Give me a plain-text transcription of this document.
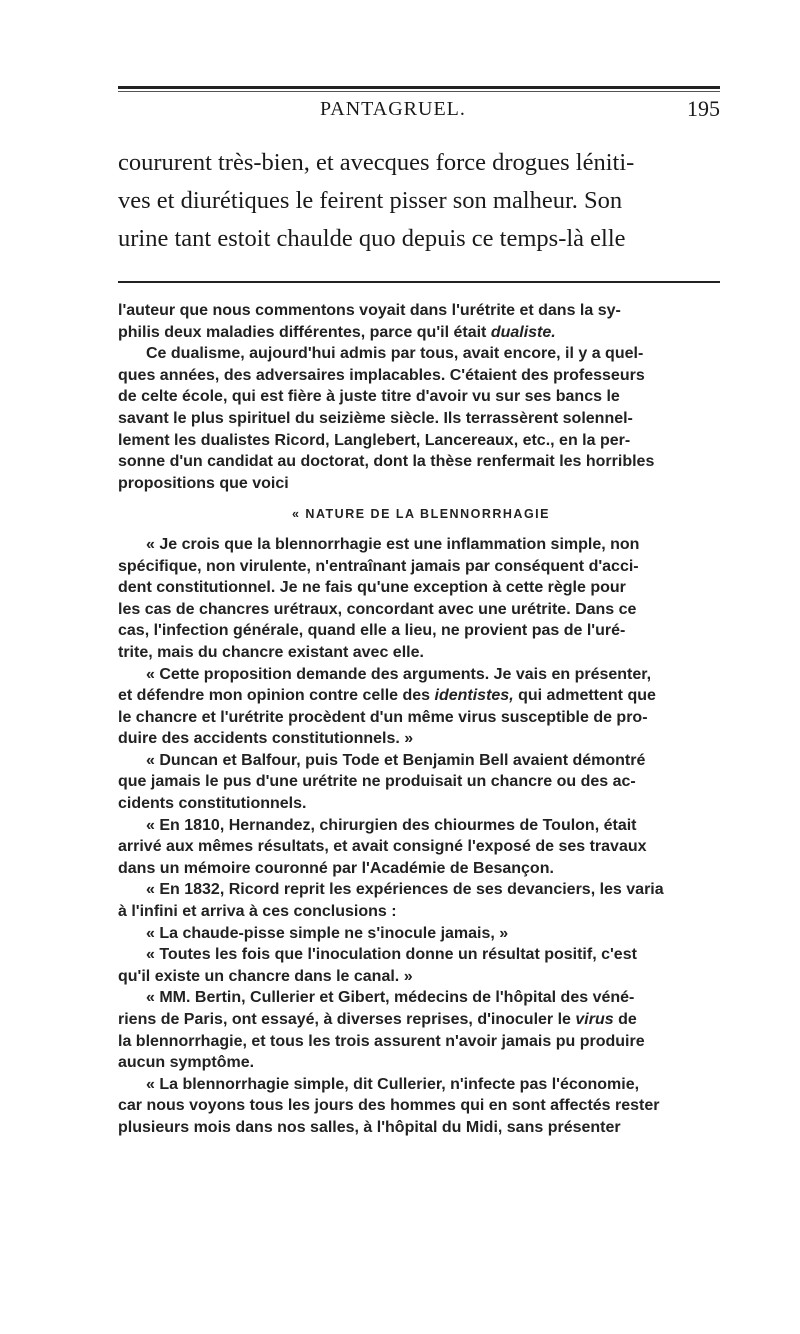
PANTAGRUEL.	195
coururent très-bien, et avecques force drogues léniti-
ves et diurétiques le feirent pisser son malheur. Son
urine tant estoit chaulde quo depuis ce temps-là elle
l'auteur que nous commentons voyait dans l'urétrite et dans la sy-
philis deux maladies différentes, parce qu'il était dualiste.
Ce dualisme, aujourd'hui admis par tous, avait encore, il y a quel-
ques années, des adversaires implacables. C'étaient des professeurs
de celte école, qui est fière à juste titre d'avoir vu sur ses bancs le
savant le plus spirituel du seizième siècle. Ils terrassèrent solennel-
lement les dualistes Ricord, Langlebert, Lancereaux, etc., en la per-
sonne d'un candidat au doctorat, dont la thèse renfermait les horribles
propositions que voici
« NATURE DE LA BLENNORRHAGIE
« Je crois que la blennorrhagie est une inflammation simple, non
spécifique, non virulente, n'entraînant jamais par conséquent d'acci-
dent constitutionnel. Je ne fais qu'une exception à cette règle pour
les cas de chancres urétraux, concordant avec une urétrite. Dans ce
cas, l'infection générale, quand elle a lieu, ne provient pas de l'uré-
trite, mais du chancre existant avec elle.
« Cette proposition demande des arguments. Je vais en présenter,
et défendre mon opinion contre celle des identistes, qui admettent que
le chancre et l'urétrite procèdent d'un même virus susceptible de pro-
duire des accidents constitutionnels. »
« Duncan et Balfour, puis Tode et Benjamin Bell avaient démontré
que jamais le pus d'une urétrite ne produisait un chancre ou des ac-
cidents constitutionnels.
« En 1810, Hernandez, chirurgien des chiourmes de Toulon, était
arrivé aux mêmes résultats, et avait consigné l'exposé de ses travaux
dans un mémoire couronné par l'Académie de Besançon.
« En 1832, Ricord reprit les expériences de ses devanciers, les varia
à l'infini et arriva à ces conclusions :
« La chaude-pisse simple ne s'inocule jamais, »
« Toutes les fois que l'inoculation donne un résultat positif, c'est
qu'il existe un chancre dans le canal. »
« MM. Bertin, Cullerier et Gibert, médecins de l'hôpital des véné-
riens de Paris, ont essayé, à diverses reprises, d'inoculer le virus de
la blennorrhagie, et tous les trois assurent n'avoir jamais pu produire
aucun symptôme.
« La blennorrhagie simple, dit Cullerier, n'infecte pas l'économie,
car nous voyons tous les jours des hommes qui en sont affectés rester
plusieurs mois dans nos salles, à l'hôpital du Midi, sans présenter
